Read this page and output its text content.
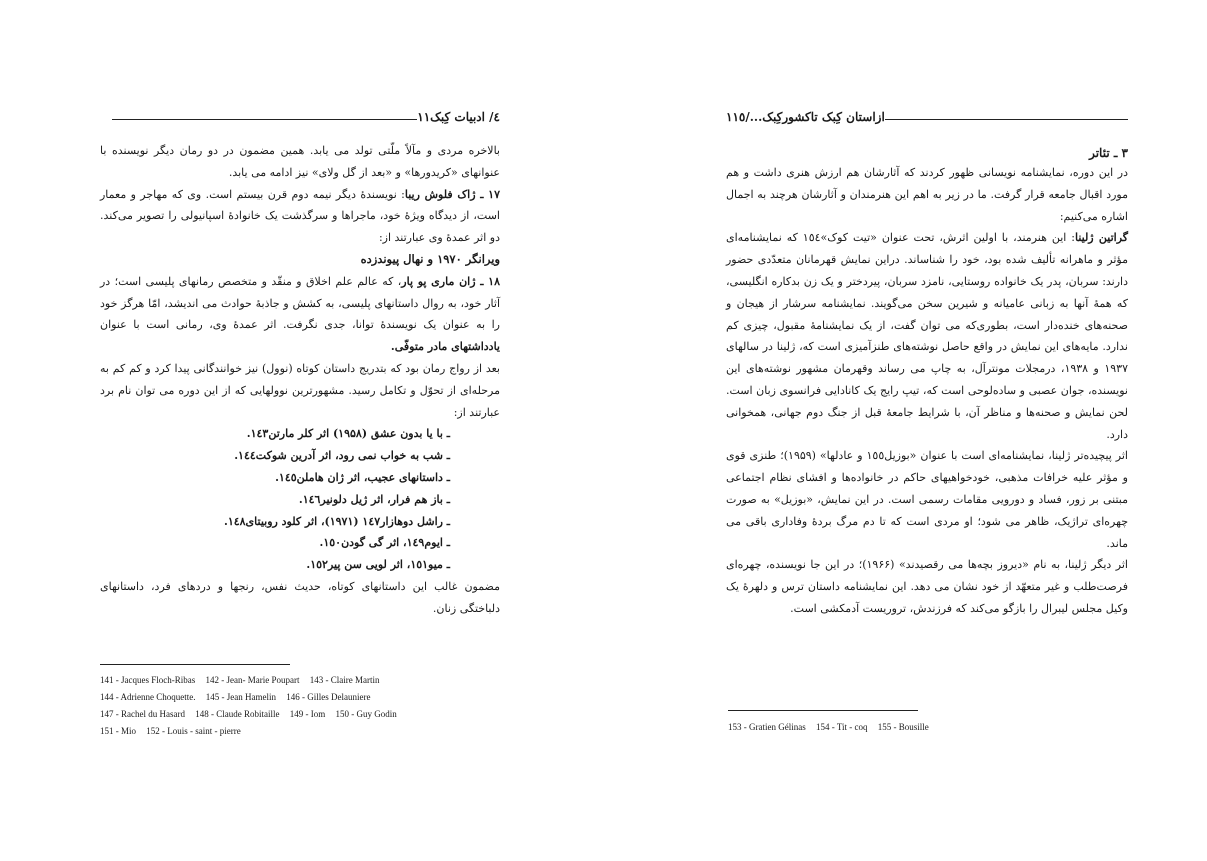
۱۱٤/ ادبیات کِبک

بالاخره مردی و مآلاً ملّتی تولد می یابد. همین مضمون در دو رمان دیگر نویسنده با عنوانهای «کریدورها» و «بعد از گل ولای» نیز ادامه می یابد.

۱۷ ـ ژاک فلوش ریبا: نویسندهٔ دیگر نیمه دوم قرن بیستم است. وی که مهاجر و معمار است، از دیدگاه ویژهٔ خود، ماجراها و سرگذشت یک خانوادهٔ اسپانیولی را تصویر می‌کند. دو اثر عمدهٔ وی عبارتند از:

ویرانگر ۱۹۷۰ و نهال پیوندزده

۱۸ ـ ژان ماری پو پار، که عالم علم اخلاق و منقّد و متخصص رمانهای پلیسی است؛ در آثار خود، به روال داستانهای پلیسی، به کشش و جاذبهٔ حوادث می اندیشد، امّا هرگز خود را به عنوان یک نویسندهٔ توانا، جدی نگرفت. اثر عمدهٔ وی، رمانی است با عنوان یادداشتهای مادر متوفّی.

بعد از رواج رمان بود که بتدریج داستان کوتاه (نوول) نیز خوانندگانی پیدا کرد و کم کم به مرحله‌ای از تحوّل و تکامل رسید. مشهورترین نوولهایی که از این دوره می توان نام برد عبارتند از:

ـ با یا بدون عشق (۱۹۵۸) اثر کلر مارتن۱٤۳.
ـ شب به خواب نمی رود، اثر آدرین شوکت۱٤٤.
ـ داستانهای عجیب، اثر ژان هاملن۱٤٥.
ـ باز هم فرار، اثر ژیل دلونیر۱٤٦.
ـ راشل دوهازار۱٤۷ (۱۹۷۱)، اثر کلود روبیتای۱٤۸.
ـ ایوم۱٤۹، اثر گی گودن۱٥۰.
ـ میو۱٥۱، اثر لویی سن پیر۱٥۲.

مضمون غالب این داستانهای کوتاه، حدیث نفس، رنجها و دردهای فرد، داستانهای دلباختگی زنان.

141 - Jacques Floch-Ribas 142 - Jean- Marie Poupart 143 - Claire Martin
144 - Adrienne Choquette. 145 - Jean Hamelin 146 - Gilles Delauniere
147 - Rachel du Hasard 148 - Claude Robitaille 149 - Iom 150 - Guy Godin
151 - Mio 152 - Louis - saint - pierre
ازاستان کِبک تاکشورکِبک.../۱۱٥
۳ ـ تئاتر

در این دوره، نمایشنامه نویسانی ظهور کردند که آثارشان هم ارزش هنری داشت و هم مورد اقبال جامعه قرار گرفت. ما در زیر به اهم این هنرمندان و آثارشان هرچند به اجمال اشاره می‌کنیم:

گراتین ژلینا: این هنرمند، با اولین اثرش، تحت عنوان «تیت کوک»۱٥٤ که نمایشنامه‌ای مؤثر و ماهرانه تألیف شده بود، خود را شناساند. دراین نمایش قهرمانان متعدّدی حضور دارند: سربان، پدر یک خانواده روستایی، نامزد سربان، پیردختر و یک زن بدکاره انگلیسی، که همهٔ آنها به زبانی عامیانه و شیرین سخن می‌گویند. نمایشنامه سرشار از هیجان و صحنه‌های خنده‌دار است، بطوری‌که می توان گفت، از یک نمایشنامهٔ مقبول، چیزی کم ندارد. مایه‌های این نمایش در واقع حاصل نوشته‌های طنزآمیزی است که، ژلینا در سالهای ۱۹۳۷ و ۱۹۳۸، درمجلات مونترآل، به چاپ می رساند وقهرمان مشهور نوشته‌های این نویسنده، جوان عصبی و ساده‌لوحی است که، تیپ رایج یک کانادایی فرانسوی زبان است. لحن نمایش و صحنه‌ها و مناظر آن، با شرایط جامعهٔ قبل از جنگ دوم جهانی، همخوانی دارد.

اثر پیچیده‌تر ژلینا، نمایشنامه‌ای است با عنوان «بوزیل۱٥٥ و عادلها» (۱۹۵۹)؛ طنزی قوی و مؤثر علیه خرافات مذهبی، خودخواهیهای حاکم در خانواده‌ها و افشای نظام اجتماعی مبتنی بر زور، فساد و دورویی مقامات رسمی است. در این نمایش، «بوزیل» به صورت چهره‌ای تراژیک، ظاهر می شود؛ او مردی است که تا دم مرگ بردهٔ وفاداری باقی می ماند.

اثر دیگر ژلینا، به نام «دیروز بچه‌ها می رقصیدند» (۱۹۶۶)؛ در این جا نویسنده، چهره‌ای فرصت‌طلب و غیر متعهّد از خود نشان می دهد. این نمایشنامه داستان ترس و دلهرهٔ یک وکیل مجلس لیبرال را بازگو می‌کند که فرزندش، تروریست آدمکشی است.

153 - Gratien Gélinas 154 - Tit - coq 155 - Bousille
